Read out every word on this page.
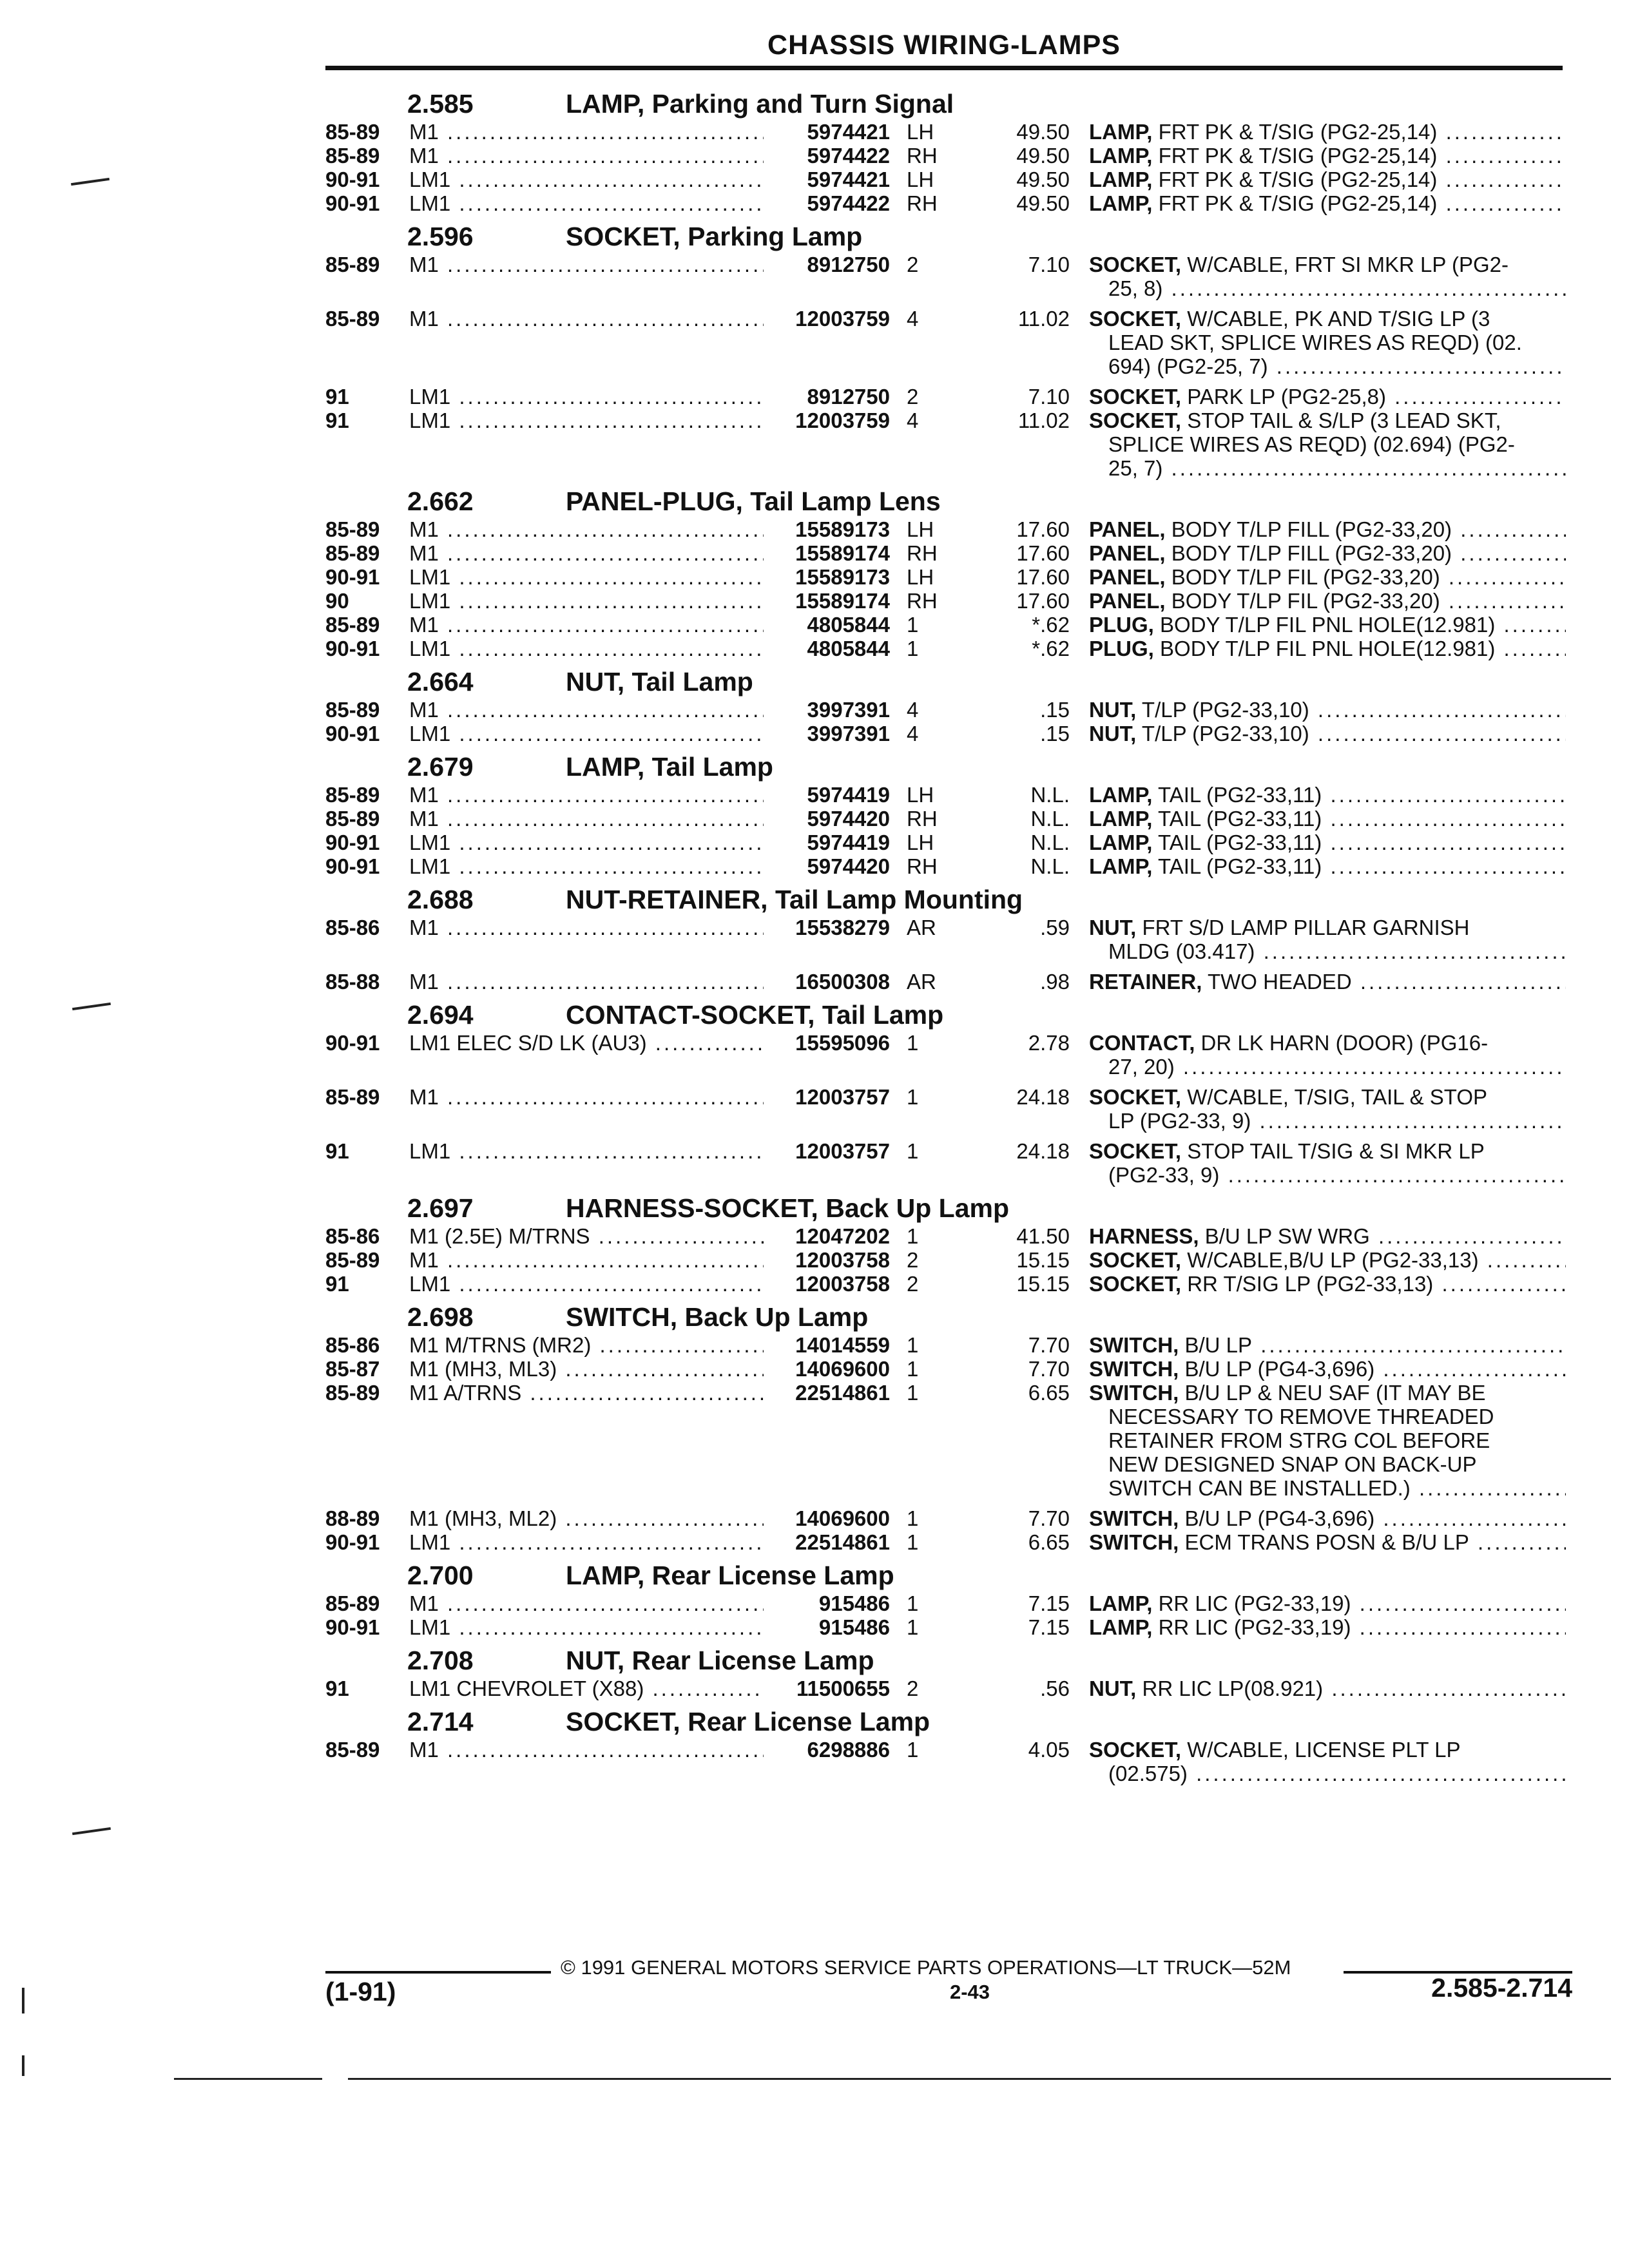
CHASSIS WIRING-LAMPS
2.585	LAMP, Parking and Turn Signal
85-89	M1 .....	5974421 LH	49.50 LAMP, FRT PK & T/SIG (PG2-25,14) .....
85-89	M1 .....	5974422 RH	49.50 LAMP, FRT PK & T/SIG (PG2-25,14) .....
90-91	LM1 .....	5974421 LH	49.50 LAMP, FRT PK & T/SIG (PG2-25,14) .....
90-91	LM1 .....	5974422 RH	49.50 LAMP, FRT PK & T/SIG (PG2-25,14) .....
2.596	SOCKET, Parking Lamp
85-89	M1 .....	8912750 2	7.10 SOCKET, W/CABLE, FRT SI MKR LP (PG2-
25, 8) .....
85-89	M1 .....	12003759 4	11.02 SOCKET, W/CABLE, PK AND T/SIG LP (3
LEAD SKT, SPLICE WIRES AS REQD) (02.
694) (PG2-25, 7) .....
91	LM1 .....	8912750 2	7.10 SOCKET, PARK LP (PG2-25,8) .....
91	LM1 .....	12003759 4	11.02 SOCKET, STOP TAIL & S/LP (3 LEAD SKT,
SPLICE WIRES AS REQD) (02.694) (PG2-
25, 7) .....
2.662	PANEL-PLUG, Tail Lamp Lens
85-89	M1 .....	15589173 LH	17.60 PANEL, BODY T/LP FILL (PG2-33,20) .....
85-89	M1 .....	15589174 RH	17.60 PANEL, BODY T/LP FILL (PG2-33,20) .....
90-91	LM1 .....	15589173 LH	17.60 PANEL, BODY T/LP FIL (PG2-33,20) .....
90	LM1 .....	15589174 RH	17.60 PANEL, BODY T/LP FIL (PG2-33,20) .....
85-89	M1 .....	4805844 1	*.62 PLUG, BODY T/LP FIL PNL HOLE(12.981) .....
90-91	LM1 .....	4805844 1	*.62 PLUG, BODY T/LP FIL PNL HOLE(12.981) .....
2.664	NUT, Tail Lamp
85-89	M1 .....	3997391 4	.15 NUT, T/LP (PG2-33,10) .....
90-91	LM1 .....	3997391 4	.15 NUT, T/LP (PG2-33,10) .....
2.679	LAMP, Tail Lamp
85-89	M1 .....	5974419 LH	N.L. LAMP, TAIL (PG2-33,11) .....
85-89	M1 .....	5974420 RH	N.L. LAMP, TAIL (PG2-33,11) .....
90-91	LM1 .....	5974419 LH	N.L. LAMP, TAIL (PG2-33,11) .....
90-91	LM1 .....	5974420 RH	N.L. LAMP, TAIL (PG2-33,11) .....
2.688	NUT-RETAINER, Tail Lamp Mounting
85-86	M1 .....	15538279 AR	.59 NUT, FRT S/D LAMP PILLAR GARNISH
MLDG (03.417) .....
85-88	M1 .....	16500308 AR	.98 RETAINER, TWO HEADED .....
2.694	CONTACT-SOCKET, Tail Lamp
90-91	LM1 ELEC S/D LK (AU3) .....	15595096 1	2.78 CONTACT, DR LK HARN (DOOR) (PG16-
27, 20) .....
85-89	M1 .....	12003757 1	24.18 SOCKET, W/CABLE, T/SIG, TAIL & STOP
LP (PG2-33, 9) .....
91	LM1 .....	12003757 1	24.18 SOCKET, STOP TAIL T/SIG & SI MKR LP
(PG2-33, 9) .....
2.697	HARNESS-SOCKET, Back Up Lamp
85-86	M1 (2.5E) M/TRNS .....	12047202 1	41.50 HARNESS, B/U LP SW WRG .....
85-89	M1 .....	12003758 2	15.15 SOCKET, W/CABLE,B/U LP (PG2-33,13) .....
91	LM1 .....	12003758 2	15.15 SOCKET, RR T/SIG LP (PG2-33,13) .....
2.698	SWITCH, Back Up Lamp
85-86	M1 M/TRNS (MR2) .....	14014559 1	7.70 SWITCH, B/U LP .....
85-87	M1 (MH3, ML3) .....	14069600 1	7.70 SWITCH, B/U LP (PG4-3,696) .....
85-89	M1 A/TRNS .....	22514861 1	6.65 SWITCH, B/U LP & NEU SAF (IT MAY BE
NECESSARY TO REMOVE THREADED
RETAINER FROM STRG COL BEFORE
NEW DESIGNED SNAP ON BACK-UP
SWITCH CAN BE INSTALLED.) .....
88-89	M1 (MH3, ML2) .....	14069600 1	7.70 SWITCH, B/U LP (PG4-3,696) .....
90-91	LM1 .....	22514861 1	6.65 SWITCH, ECM TRANS POSN & B/U LP .....
2.700	LAMP, Rear License Lamp
85-89	M1 .....	915486 1	7.15 LAMP, RR LIC (PG2-33,19) .....
90-91	LM1 .....	915486 1	7.15 LAMP, RR LIC (PG2-33,19) .....
2.708	NUT, Rear License Lamp
91	LM1 CHEVROLET (X88) .....	11500655 2	.56 NUT, RR LIC LP(08.921) .....
2.714	SOCKET, Rear License Lamp
85-89	M1 .....	6298886 1	4.05 SOCKET, W/CABLE, LICENSE PLT LP
(02.575) .....
© 1991 GENERAL MOTORS SERVICE PARTS OPERATIONS—LT TRUCK—52M
(1-91)	2-43	2.585-2.714
